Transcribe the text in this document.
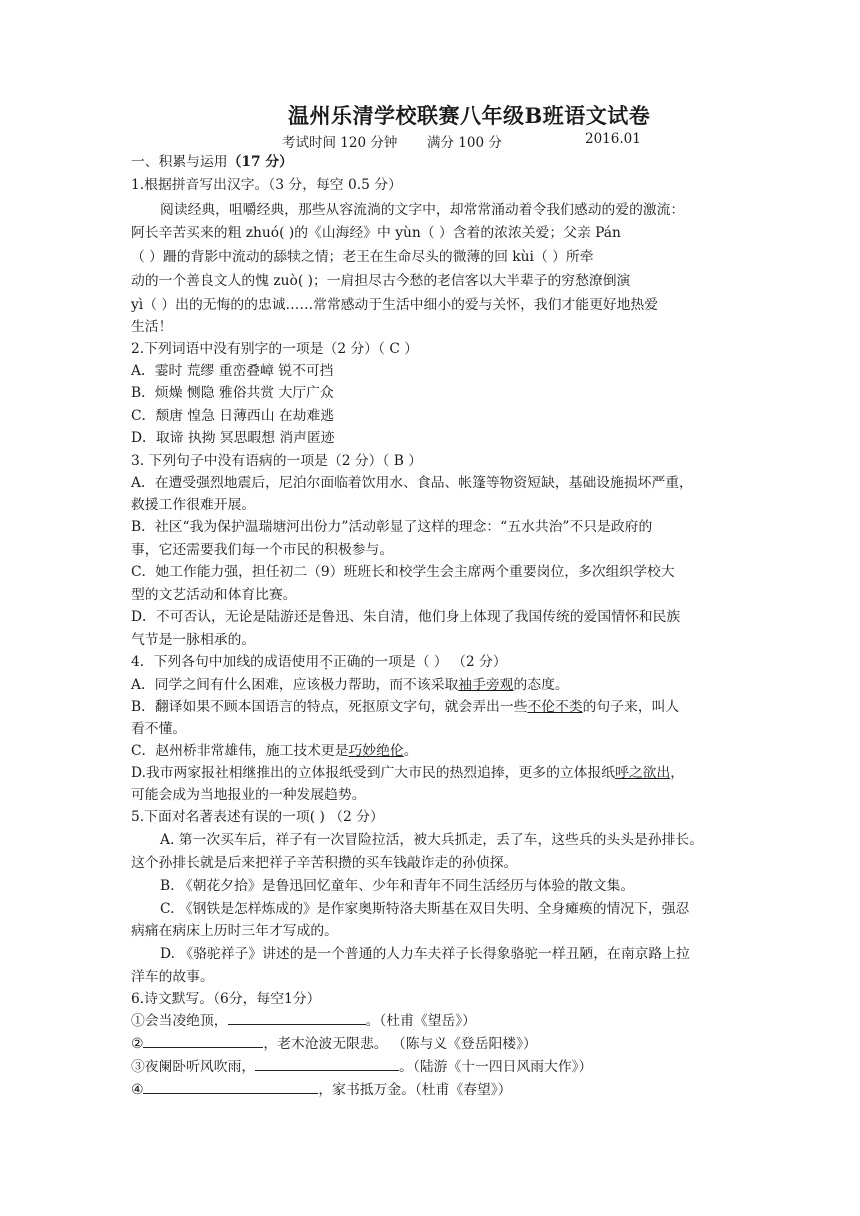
温州乐清学校联赛八年级B班语文试卷
考试时间 120 分钟 满分 100 分	2016.01
一、积累与运用（17 分）
1.根据拼音写出汉字。（3 分，每空 0.5 分）
阅读经典，咀嚼经典，那些从容流淌的文字中，却常常涌动着令我们感动的爱的激流：
阿长辛苦买来的粗 zhuó( )的《山海经》中 yùn（ ）含着的浓浓关爱；父亲 Pán
（ ）跚的背影中流动的舔犊之情；老王在生命尽头的微薄的回 kùi（ ）所牵
动的一个善良文人的愧 zuò( )；一肩担尽古今愁的老信客以大半辈子的穷愁潦倒演
yì（ ）出的无悔的的忠诚……常常感动于生活中细小的爱与关怀，我们才能更好地热爱
生活！
2.下列词语中没有别字的一项是（2 分）（ C ）
A．霎时 荒缪 重峦叠嶂 锐不可挡
B．烦燥 恻隐 雅俗共赏 大厅广众
C．颓唐 惶急 日薄西山 在劫难逃
D．取谛 执拗 冥思暇想 消声匿迹
3. 下列句子中没有语病的一项是（2 分）（ B ）
A．在遭受强烈地震后，尼泊尔面临着饮用水、食品、帐篷等物资短缺，基础设施损坏严重，
救援工作很难开展。
B．社区“我为保护温瑞塘河出份力”活动彰显了这样的理念：“五水共治”不只是政府的
事，它还需要我们每一个市民的积极参与。
C．她工作能力强，担任初二（9）班班长和校学生会主席两个重要岗位，多次组织学校大
型的文艺活动和体育比赛。
D．不可否认，无论是陆游还是鲁迅、朱自清，他们身上体现了我国传统的爱国情怀和民族
气节是一脉相承的。
4．下列各句中加线的成语使用不正确的一项是（ ） （2 分）
A．同学之间有什么困难，应该极力帮助，而不该采取袖手旁观的态度。
B．翻译如果不顾本国语言的特点，死抠原文字句，就会弄出一些不伦不类的句子来，叫人
看不懂。
C．赵州桥非常雄伟，施工技术更是巧妙绝伦。
D.我市两家报社相继推出的立体报纸受到广大市民的热烈追捧，更多的立体报纸呼之欲出，
可能会成为当地报业的一种发展趋势。
5.下面对名著表述有误的一项( ) （2 分）
A. 第一次买车后，祥子有一次冒险拉活，被大兵抓走，丢了车，这些兵的头头是孙排长。
这个孙排长就是后来把祥子辛苦积攒的买车钱敲诈走的孙侦探。
B. 《朝花夕拾》是鲁迅回忆童年、少年和青年不同生活经历与体验的散文集。
C. 《钢铁是怎样炼成的》是作家奥斯特洛夫斯基在双目失明、全身瘫痪的情况下，强忍
病痛在病床上历时三年才写成的。
D. 《骆驼祥子》讲述的是一个普通的人力车夫祥子长得象骆驼一样丑陋，在南京路上拉
洋车的故事。
6.诗文默写。（6分，每空1分）
①会当凌绝顶，	。（杜甫《望岳》）
②	，老木沧波无限悲。 （陈与义《登岳阳楼》）
③夜阑卧听风吹雨，	。（陆游《十一四日风雨大作》）
④	，家书抵万金。（杜甫《春望》）
